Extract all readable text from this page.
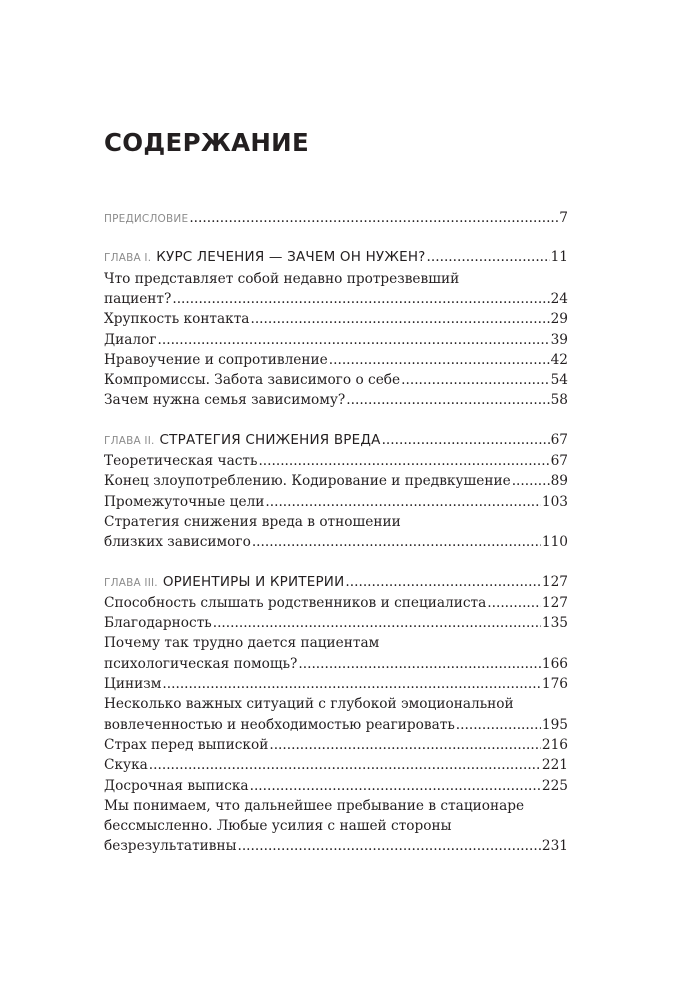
СОДЕРЖАНИЕ
ПРЕДИСЛОВИЕ .....	7
ГЛАВА I. КУРС ЛЕЧЕНИЯ — ЗАЧЕМ ОН НУЖЕН? .....	11
Что представляет собой недавно протрезвевший
пациент? .....	24
Хрупкость контакта .....	29
Диалог .....	39
Нравоучение и сопротивление .....	42
Компромиссы. Забота зависимого о себе .....	54
Зачем нужна семья зависимому? .....	58
ГЛАВА II. СТРАТЕГИЯ СНИЖЕНИЯ ВРЕДА .....	67
Теоретическая часть .....	67
Конец злоупотреблению. Кодирование и предвкушение .....	89
Промежуточные цели .....	103
Стратегия снижения вреда в отношении
близких зависимого .....	110
ГЛАВА III. ОРИЕНТИРЫ И КРИТЕРИИ .....	127
Способность слышать родственников и специалиста .....	127
Благодарность .....	135
Почему так трудно дается пациентам
психологическая помощь? .....	166
Цинизм .....	176
Несколько важных ситуаций с глубокой эмоциональной
вовлеченностью и необходимостью реагировать .....	195
Страх перед выпиской .....	216
Скука .....	221
Досрочная выписка .....	225
Мы понимаем, что дальнейшее пребывание в стационаре
бессмысленно. Любые усилия с нашей стороны
безрезультативны .....	231
